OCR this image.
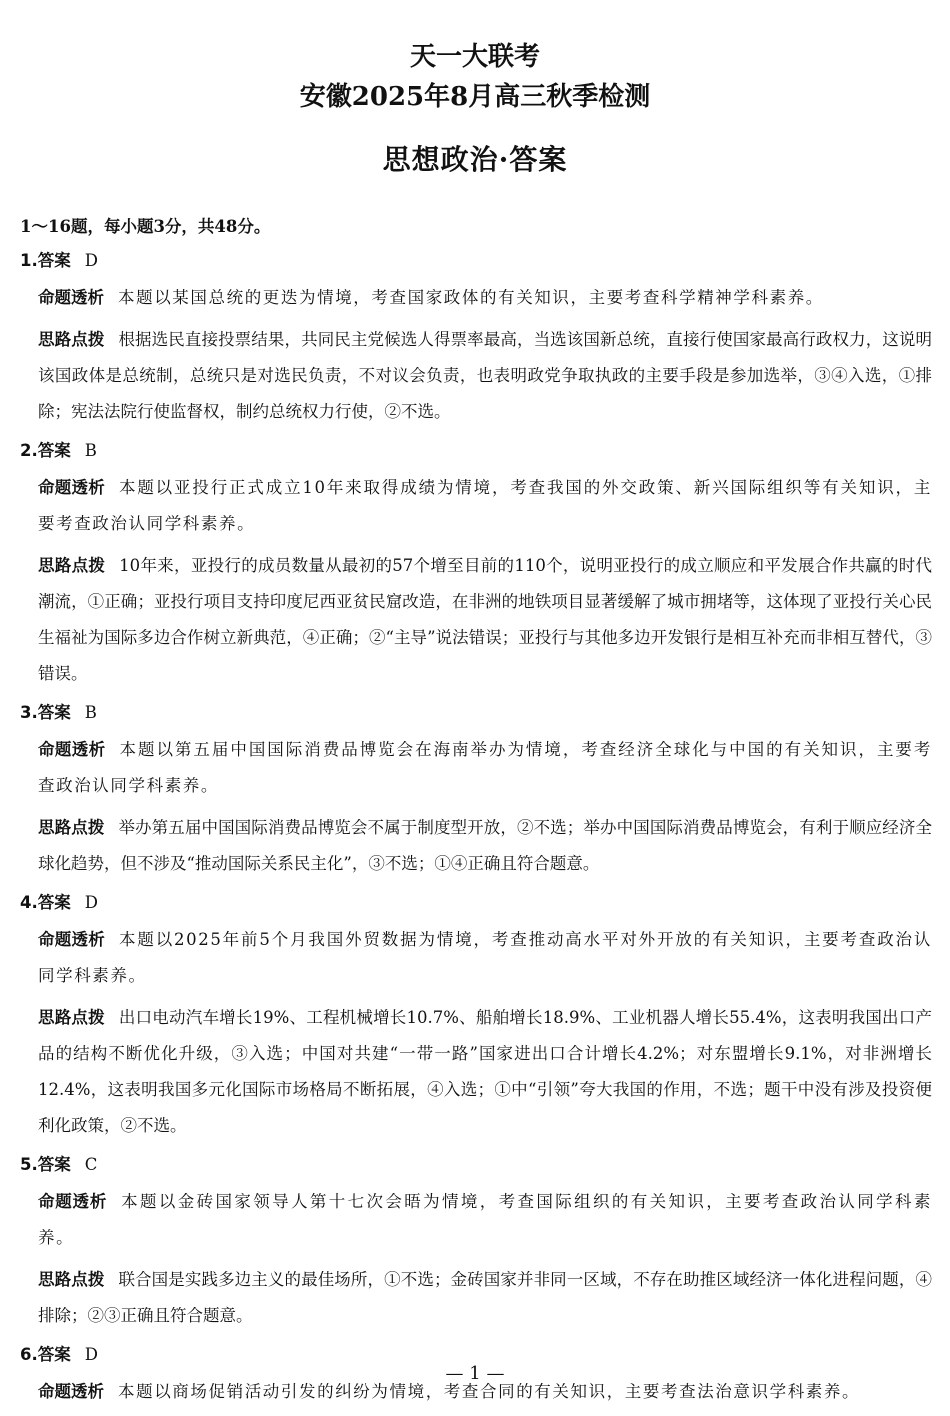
天一大联考
安徽2025年8月高三秋季检测
思想政治·答案
1～16题，每小题3分，共48分。
1.答案 D
命题透析 本题以某国总统的更迭为情境，考查国家政体的有关知识，主要考查科学精神学科素养。
思路点拨 根据选民直接投票结果，共同民主党候选人得票率最高，当选该国新总统，直接行使国家最高行政权力，这说明该国政体是总统制，总统只是对选民负责，不对议会负责，也表明政党争取执政的主要手段是参加选举，③④入选，①排除；宪法法院行使监督权，制约总统权力行使，②不选。
2.答案 B
命题透析 本题以亚投行正式成立10年来取得成绩为情境，考查我国的外交政策、新兴国际组织等有关知识，主要考查政治认同学科素养。
思路点拨 10年来，亚投行的成员数量从最初的57个增至目前的110个，说明亚投行的成立顺应和平发展合作共赢的时代潮流，①正确；亚投行项目支持印度尼西亚贫民窟改造，在非洲的地铁项目显著缓解了城市拥堵等，这体现了亚投行关心民生福祉为国际多边合作树立新典范，④正确；②“主导”说法错误；亚投行与其他多边开发银行是相互补充而非相互替代，③错误。
3.答案 B
命题透析 本题以第五届中国国际消费品博览会在海南举办为情境，考查经济全球化与中国的有关知识，主要考查政治认同学科素养。
思路点拨 举办第五届中国国际消费品博览会不属于制度型开放，②不选；举办中国国际消费品博览会，有利于顺应经济全球化趋势，但不涉及“推动国际关系民主化”，③不选；①④正确且符合题意。
4.答案 D
命题透析 本题以2025年前5个月我国外贸数据为情境，考查推动高水平对外开放的有关知识，主要考查政治认同学科素养。
思路点拨 出口电动汽车增长19%、工程机械增长10.7%、船舶增长18.9%、工业机器人增长55.4%，这表明我国出口产品的结构不断优化升级，③入选；中国对共建“一带一路”国家进出口合计增长4.2%；对东盟增长9.1%，对非洲增长12.4%，这表明我国多元化国际市场格局不断拓展，④入选；①中“引领”夸大我国的作用，不选；题干中没有涉及投资便利化政策，②不选。
5.答案 C
命题透析 本题以金砖国家领导人第十七次会晤为情境，考查国际组织的有关知识，主要考查政治认同学科素养。
思路点拨 联合国是实践多边主义的最佳场所，①不选；金砖国家并非同一区域，不存在助推区域经济一体化进程问题，④排除；②③正确且符合题意。
6.答案 D
命题透析 本题以商场促销活动引发的纠纷为情境，考查合同的有关知识，主要考查法治意识学科素养。
— 1 —
